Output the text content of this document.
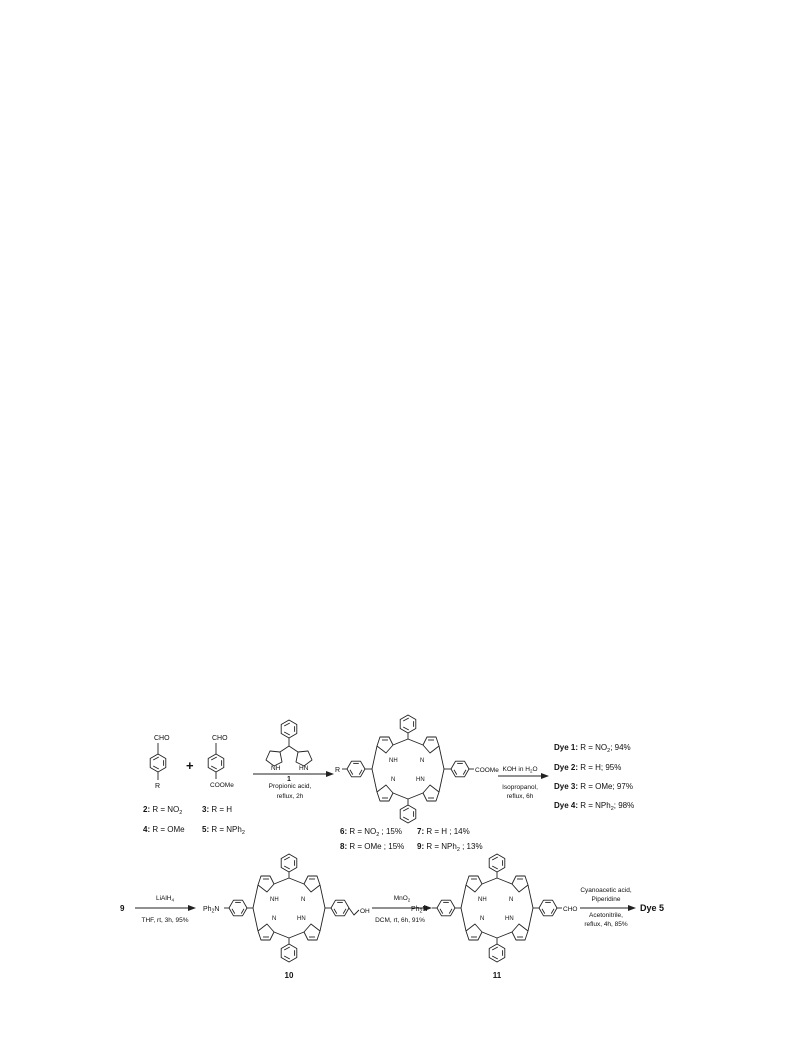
CHO
R
2: $R = NO_2$
4: R = OMe
+
CHO
COOMe
3: R = H
5: R = NPh$_2$
NH	HN
1
Propionic acid,
reflux, 2h
R	COOMe
NH	N
N	HN
6: $R = NO_2$ ; 15% 7: R = H ; 14%
8: R = OMe ; 15% 9: R = NPh$_2$ ; 13%
KOH in $H_2O$
Isopropanol,
reflux, 6h
Dye 1: $R = NO_2$; 94%
Dye 2: R = H; 95%
Dye 3: R = OMe; 97%
Dye 4: R = NPh$_2$; 98%
9
LiAlH$_4$
THF, rt, 3h, 95%
$Ph_2N$	OH
NH	N
N	HN
10
MnO$_2$
DCM, rt, 6h, 91%
$Ph_2N$	CHO
NH	N
N	HN
11
Cyanoacetic acid,
Piperidine
Acetonitrile,
reflux, 4h, 85%
Dye 5
